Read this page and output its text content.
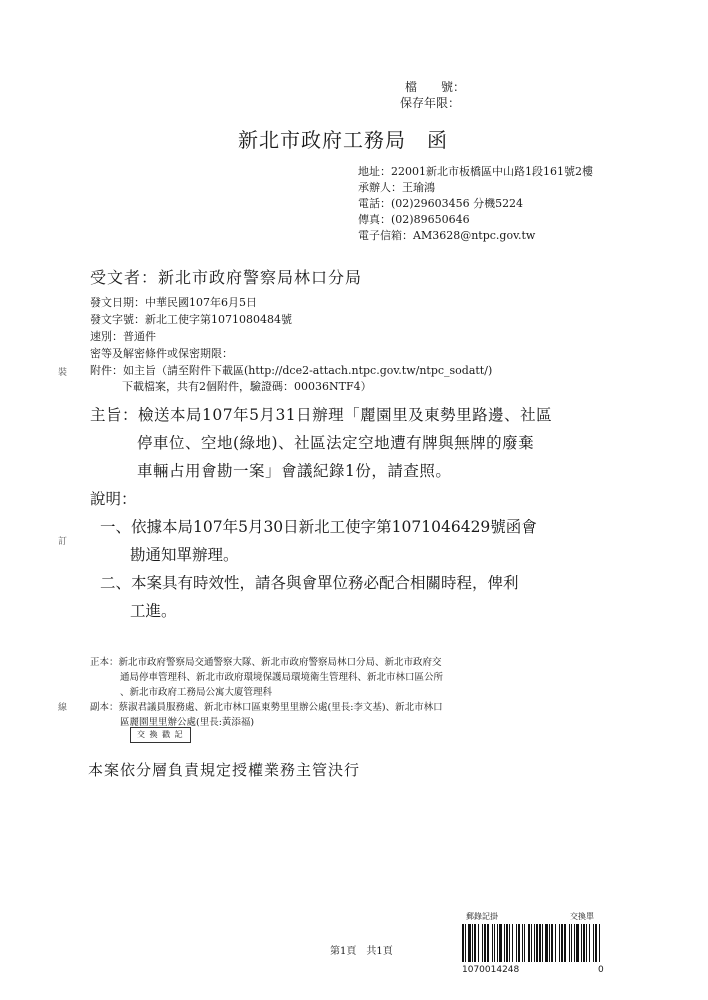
檔　　號：
保存年限：
新北市政府工務局　函
地址：22001新北市板橋區中山路1段161號2樓
承辦人：王瑜鴻
電話：(02)29603456 分機5224
傳真：(02)89650646
電子信箱：AM3628@ntpc.gov.tw
受文者：新北市政府警察局林口分局
發文日期：中華民國107年6月5日
發文字號：新北工使字第1071080484號
速別：普通件
密等及解密條件或保密期限：
附件：如主旨（請至附件下載區(http://dce2-attach.ntpc.gov.tw/ntpc_sodatt/)
下載檔案，共有2個附件，驗證碼：00036NTF4）
主旨：檢送本局107年5月31日辦理「麗園里及東勢里路邊、社區
停車位、空地(綠地)、社區法定空地遭有牌與無牌的廢棄
車輛占用會勘一案」會議紀錄1份，請查照。
說明：
一、依據本局107年5月30日新北工使字第1071046429號函會
勘通知單辦理。
二、本案具有時效性，請各與會單位務必配合相關時程，俾利
工進。
正本：新北市政府警察局交通警察大隊、新北市政府警察局林口分局、新北市政府交
通局停車管理科、新北市政府環境保護局環境衛生管理科、新北市林口區公所
、新北市政府工務局公寓大廈管理科
副本：蔡淑君議員服務處、新北市林口區東勢里里辦公處(里長:李文基)、新北市林口
區麗園里里辦公處(里長:黃添福)
交 換 戳 記
本案依分層負責規定授權業務主管決行
裝
訂
線
第1頁　共1頁
郵錄記掛	交換單
1070014248	0
